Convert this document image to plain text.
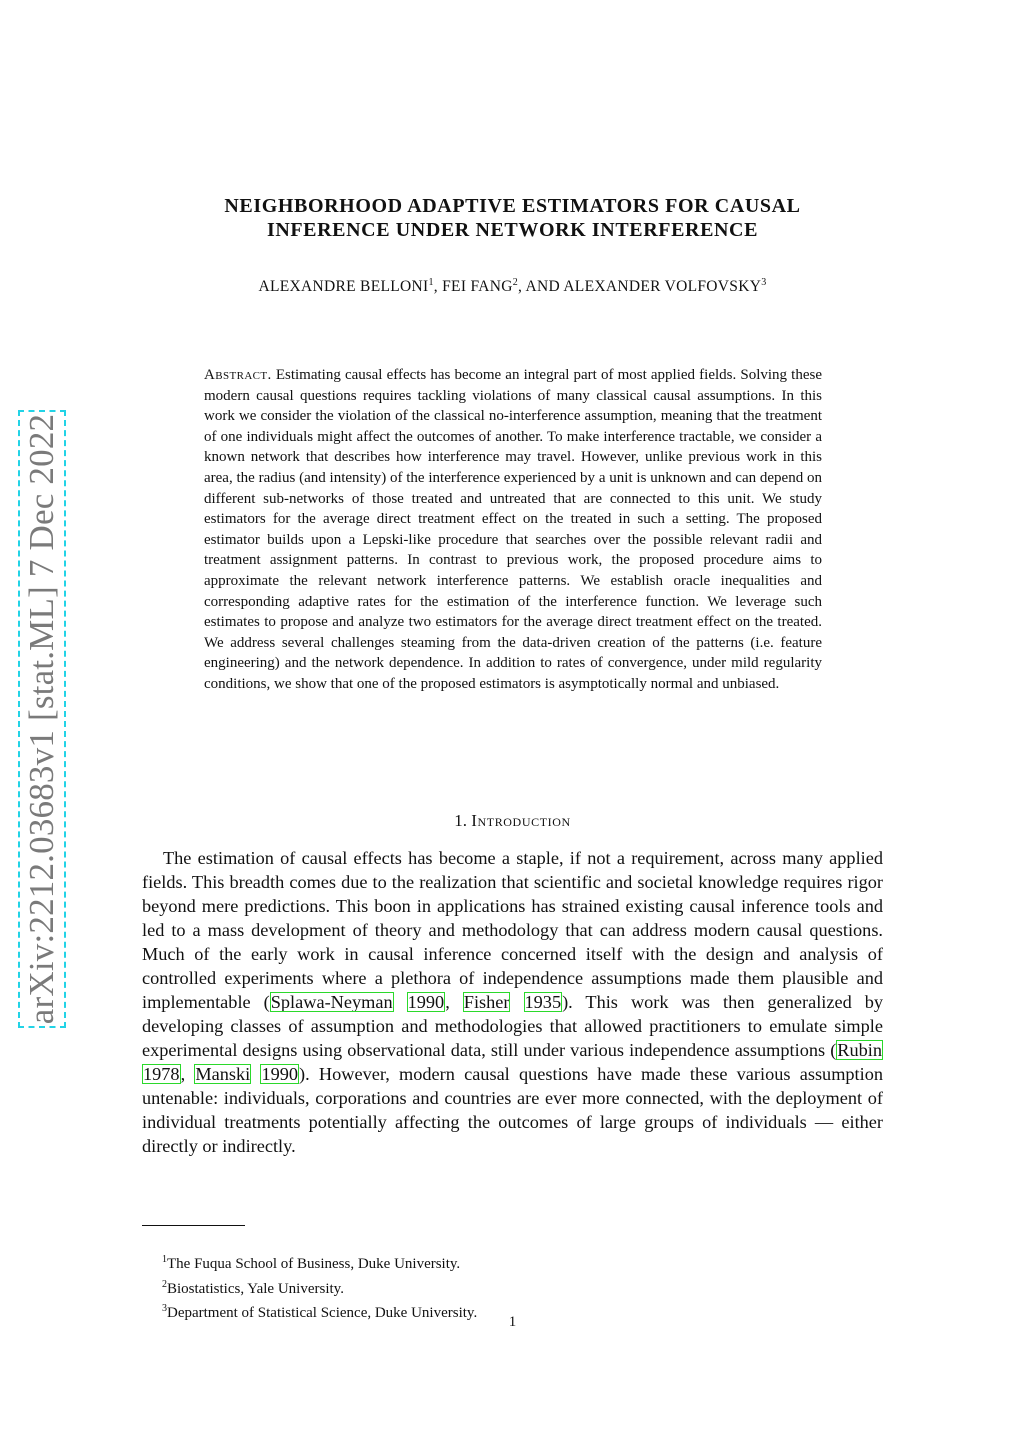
arXiv:2212.03683v1 [stat.ML] 7 Dec 2022
NEIGHBORHOOD ADAPTIVE ESTIMATORS FOR CAUSAL
INFERENCE UNDER NETWORK INTERFERENCE
ALEXANDRE BELLONI$^1$, FEI FANG$^2$, AND ALEXANDER VOLFOVSKY$^3$
Abstract. Estimating causal effects has become an integral part of most applied fields. Solving these modern causal questions requires tackling violations of many classical causal assumptions. In this work we consider the violation of the classical no-interference assumption, meaning that the treatment of one individuals might affect the outcomes of another. To make interference tractable, we consider a known network that describes how interference may travel. However, unlike previous work in this area, the radius (and intensity) of the interference experienced by a unit is unknown and can depend on different sub-networks of those treated and untreated that are connected to this unit. We study estimators for the average direct treatment effect on the treated in such a setting. The proposed estimator builds upon a Lepski-like procedure that searches over the possible relevant radii and treatment assignment patterns. In contrast to previous work, the proposed procedure aims to approximate the relevant network interference patterns. We establish oracle inequalities and corresponding adaptive rates for the estimation of the interference function. We leverage such estimates to propose and analyze two estimators for the average direct treatment effect on the treated. We address several challenges steaming from the data-driven creation of the patterns (i.e. feature engineering) and the network dependence. In addition to rates of convergence, under mild regularity conditions, we show that one of the proposed estimators is asymptotically normal and unbiased.
1. Introduction
The estimation of causal effects has become a staple, if not a requirement, across many applied fields. This breadth comes due to the realization that scientific and societal knowledge requires rigor beyond mere predictions. This boon in applications has strained existing causal inference tools and led to a mass development of theory and methodology that can address modern causal questions. Much of the early work in causal inference concerned itself with the design and analysis of controlled experiments where a plethora of independence assumptions made them plausible and implementable (Splawa-Neyman 1990, Fisher 1935). This work was then generalized by developing classes of assumption and methodologies that allowed practitioners to emulate simple experimental designs using observational data, still under various independence assumptions (Rubin 1978, Manski 1990). However, modern causal questions have made these various assumption untenable: individuals, corporations and countries are ever more connected, with the deployment of individual treatments potentially affecting the outcomes of large groups of individuals — either directly or indirectly.
$^1$The Fuqua School of Business, Duke University.
$^2$Biostatistics, Yale University.
$^3$Department of Statistical Science, Duke University.
1
